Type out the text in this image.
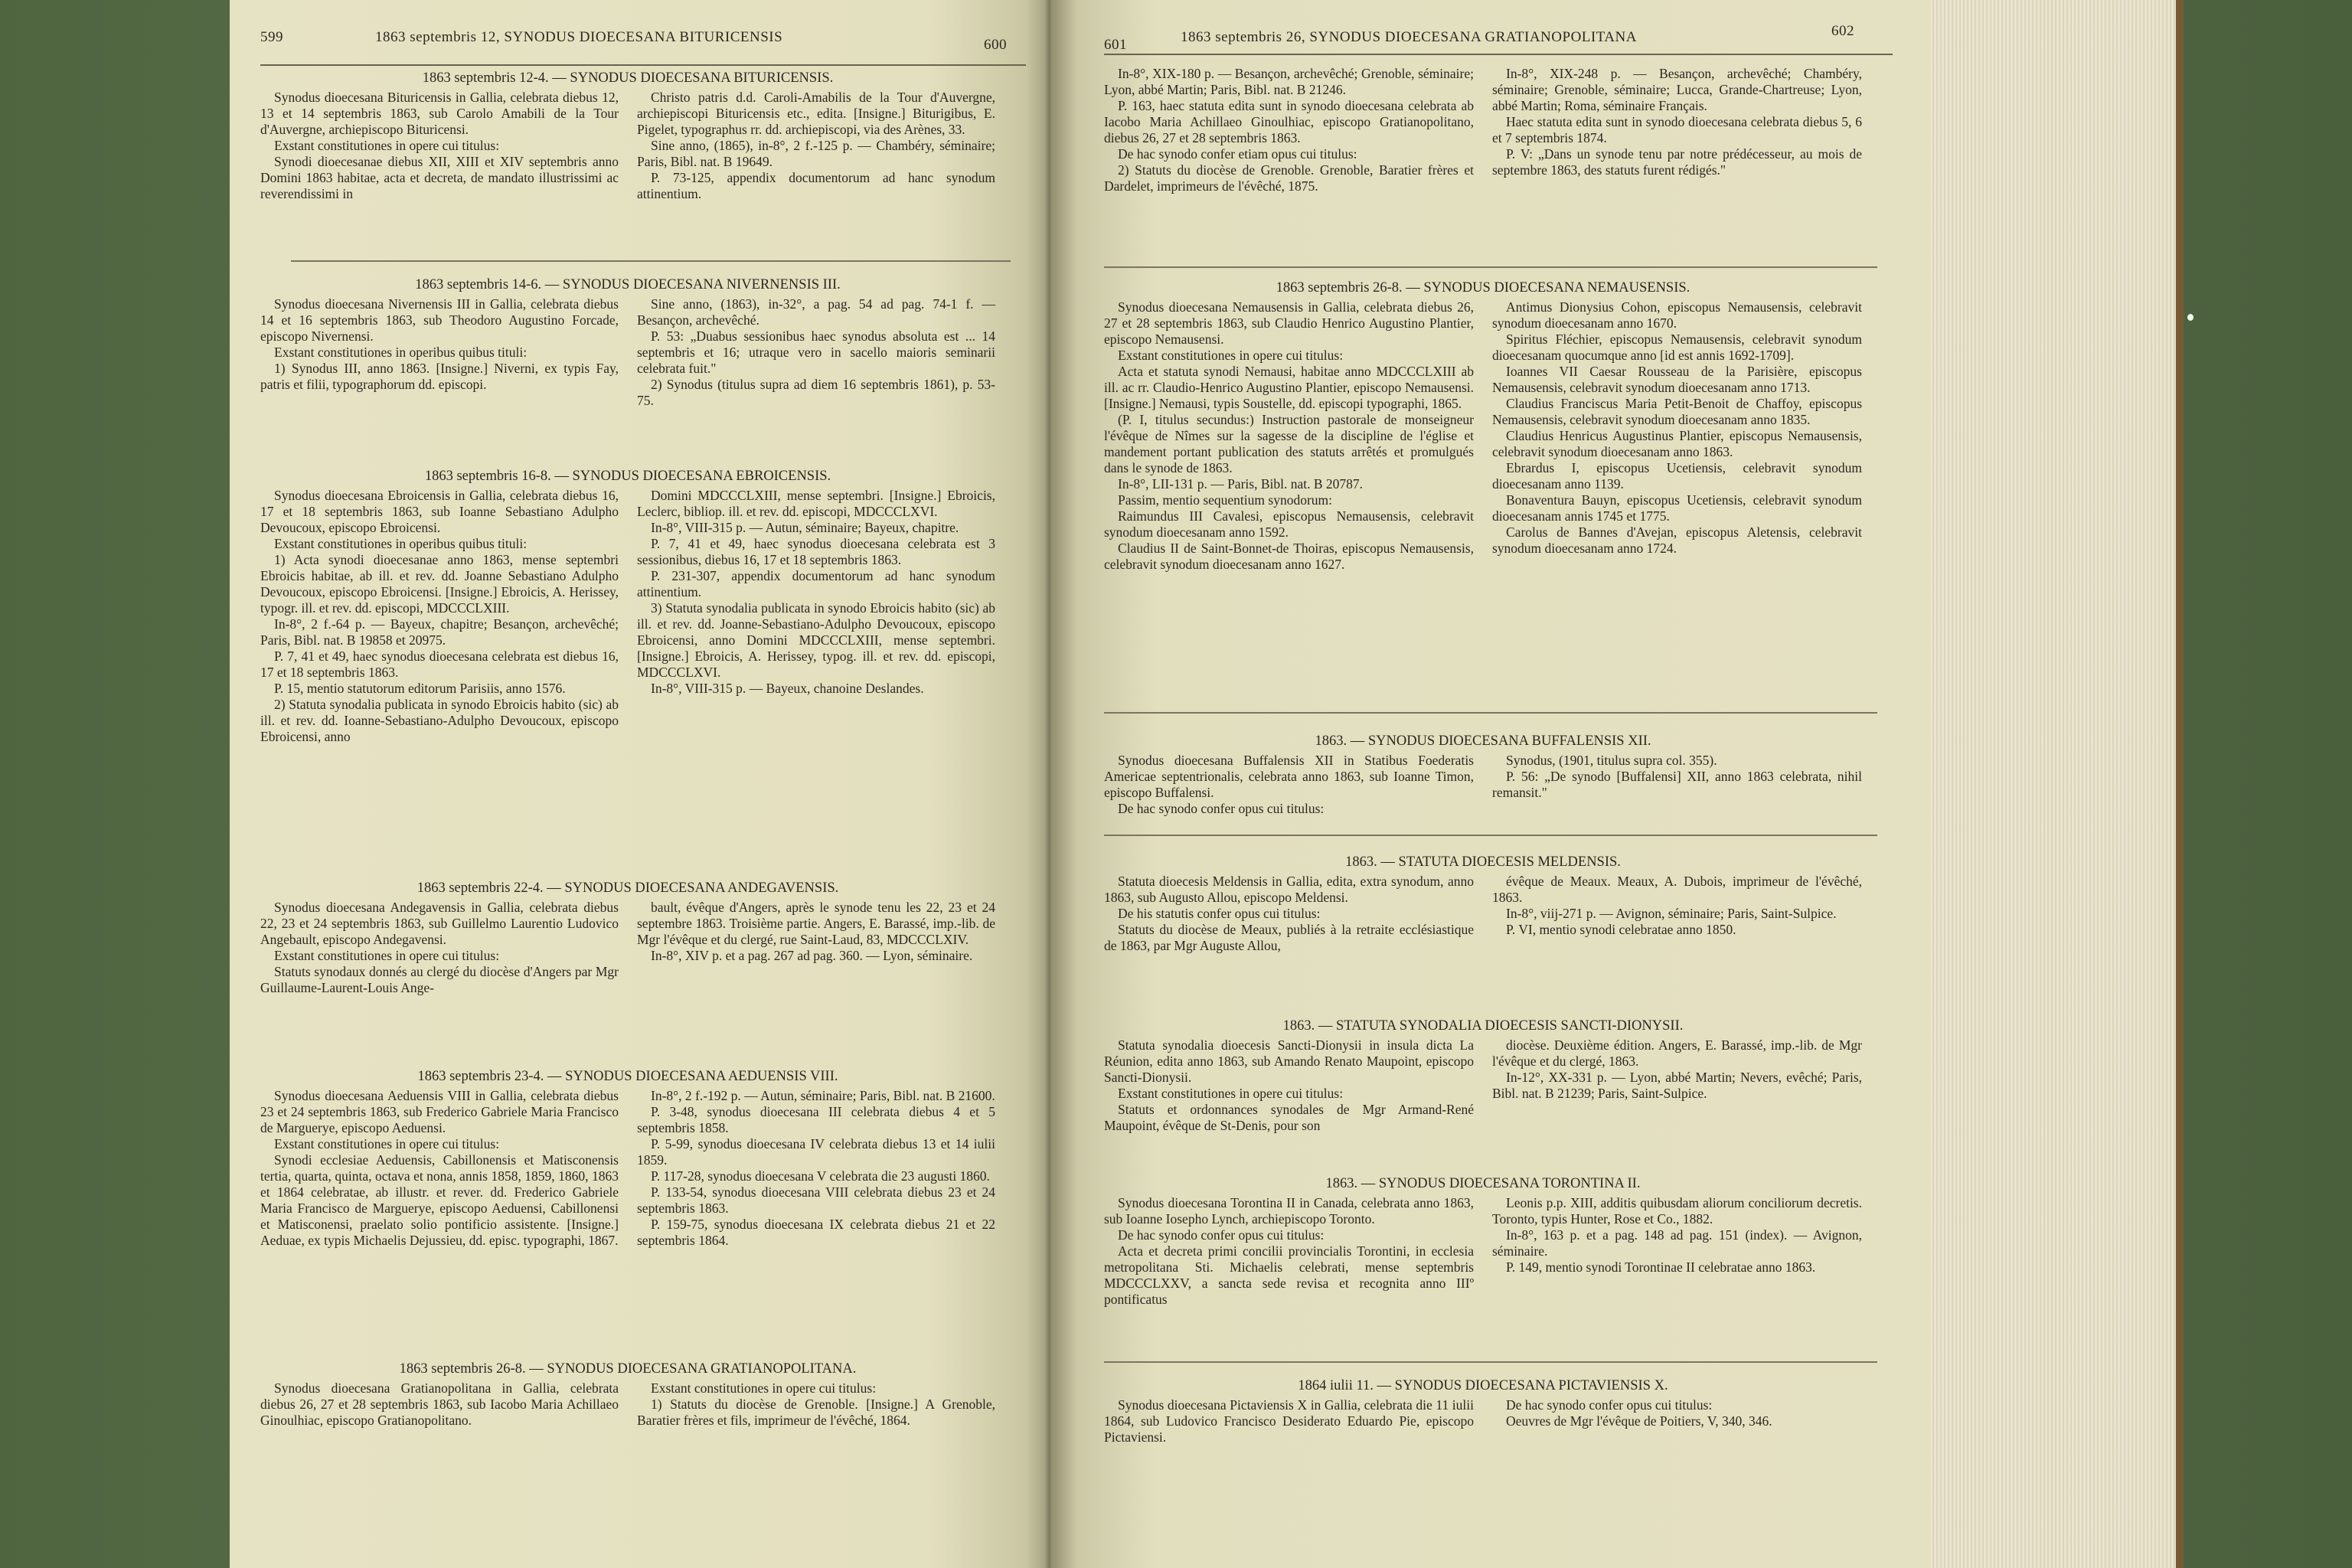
599	1863 septembris 12, SYNODUS DIOECESANA BITURICENSIS	600
1863 septembris 12-4. — SYNODUS DIOECESANA BITURICENSIS.

Synodus dioecesana Bituricensis in Gallia, celebrata diebus 12, 13 et 14 septembris 1863, sub Carolo Amabili de la Tour d'Auvergne, archiepiscopo Bituricensi.

Exstant constitutiones in opere cui titulus:

Synodi dioecesanae diebus XII, XIII et XIV septembris anno Domini 1863 habitae, acta et decreta, de mandato illustrissimi ac reverendissimi in

Christo patris d.d. Caroli-Amabilis de la Tour d'Auvergne, archiepiscopi Bituricensis etc., edita. [Insigne.] Biturigibus, E. Pigelet, typographus rr. dd. archiepiscopi, via des Arènes, 33.

Sine anno, (1865), in-8°, 2 f.-125 p. — Chambéry, séminaire; Paris, Bibl. nat. B 19649.

P. 73-125, appendix documentorum ad hanc synodum attinentium.

1863 septembris 14-6. — SYNODUS DIOECESANA NIVERNENSIS III.

Synodus dioecesana Nivernensis III in Gallia, celebrata diebus 14 et 16 septembris 1863, sub Theodoro Augustino Forcade, episcopo Nivernensi.

Exstant constitutiones in operibus quibus tituli:

1) Synodus III, anno 1863. [Insigne.] Niverni, ex typis Fay, patris et filii, typographorum dd. episcopi.

Sine anno, (1863), in-32°, a pag. 54 ad pag. 74-1 f. — Besançon, archevêché.

P. 53: „Duabus sessionibus haec synodus absoluta est ... 14 septembris et 16; utraque vero in sacello maioris seminarii celebrata fuit."

2) Synodus (titulus supra ad diem 16 septembris 1861), p. 53-75.

1863 septembris 16-8. — SYNODUS DIOECESANA EBROICENSIS.

Synodus dioecesana Ebroicensis in Gallia, celebrata diebus 16, 17 et 18 septembris 1863, sub Ioanne Sebastiano Adulpho Devoucoux, episcopo Ebroicensi.

Exstant constitutiones in operibus quibus tituli:

1) Acta synodi dioecesanae anno 1863, mense septembri Ebroicis habitae, ab ill. et rev. dd. Joanne Sebastiano Adulpho Devoucoux, episcopo Ebroicensi. [Insigne.] Ebroicis, A. Herissey, typogr. ill. et rev. dd. episcopi, MDCCCLXIII.

In-8°, 2 f.-64 p. — Bayeux, chapitre; Besançon, archevêché; Paris, Bibl. nat. B 19858 et 20975.

P. 7, 41 et 49, haec synodus dioecesana celebrata est diebus 16, 17 et 18 septembris 1863.

P. 15, mentio statutorum editorum Parisiis, anno 1576.

2) Statuta synodalia publicata in synodo Ebroicis habito (sic) ab ill. et rev. dd. Ioanne-Sebastiano-Adulpho Devoucoux, episcopo Ebroicensi, anno

Domini MDCCCLXIII, mense septembri. [Insigne.] Ebroicis, Leclerc, bibliop. ill. et rev. dd. episcopi, MDCCCLXVI.

In-8°, VIII-315 p. — Autun, séminaire; Bayeux, chapitre.

P. 7, 41 et 49, haec synodus dioecesana celebrata est 3 sessionibus, diebus 16, 17 et 18 septembris 1863.

P. 231-307, appendix documentorum ad hanc synodum attinentium.

3) Statuta synodalia publicata in synodo Ebroicis habito (sic) ab ill. et rev. dd. Joanne-Sebastiano-Adulpho Devoucoux, episcopo Ebroicensi, anno Domini MDCCCLXIII, mense septembri. [Insigne.] Ebroicis, A. Herissey, typog. ill. et rev. dd. episcopi, MDCCCLXVI.

In-8°, VIII-315 p. — Bayeux, chanoine Deslandes.

1863 septembris 22-4. — SYNODUS DIOECESANA ANDEGAVENSIS.

Synodus dioecesana Andegavensis in Gallia, celebrata diebus 22, 23 et 24 septembris 1863, sub Guillelmo Laurentio Ludovico Angebault, episcopo Andegavensi.

Exstant constitutiones in opere cui titulus:

Statuts synodaux donnés au clergé du diocèse d'Angers par Mgr Guillaume-Laurent-Louis Ange-

bault, évêque d'Angers, après le synode tenu les 22, 23 et 24 septembre 1863. Troisième partie. Angers, E. Barassé, imp.-lib. de Mgr l'évêque et du clergé, rue Saint-Laud, 83, MDCCCLXIV.

In-8°, XIV p. et a pag. 267 ad pag. 360. — Lyon, séminaire.

1863 septembris 23-4. — SYNODUS DIOECESANA AEDUENSIS VIII.

Synodus dioecesana Aeduensis VIII in Gallia, celebrata diebus 23 et 24 septembris 1863, sub Frederico Gabriele Maria Francisco de Marguerye, episcopo Aeduensi.

Exstant constitutiones in opere cui titulus:

Synodi ecclesiae Aeduensis, Cabillonensis et Matisconensis tertia, quarta, quinta, octava et nona, annis 1858, 1859, 1860, 1863 et 1864 celebratae, ab illustr. et rever. dd. Frederico Gabriele Maria Francisco de Marguerye, episcopo Aeduensi, Cabillonensi et Matisconensi, praelato solio pontificio assistente. [Insigne.] Aeduae, ex typis Michaelis Dejussieu, dd. episc. typographi, 1867.

In-8°, 2 f.-192 p. — Autun, séminaire; Paris, Bibl. nat. B 21600.

P. 3-48, synodus dioecesana III celebrata diebus 4 et 5 septembris 1858.

P. 5-99, synodus dioecesana IV celebrata diebus 13 et 14 iulii 1859.

P. 117-28, synodus dioecesana V celebrata die 23 augusti 1860.

P. 133-54, synodus dioecesana VIII celebrata diebus 23 et 24 septembris 1863.

P. 159-75, synodus dioecesana IX celebrata diebus 21 et 22 septembris 1864.

1863 septembris 26-8. — SYNODUS DIOECESANA GRATIANOPOLITANA.

Synodus dioecesana Gratianopolitana in Gallia, celebrata diebus 26, 27 et 28 septembris 1863, sub Iacobo Maria Achillaeo Ginoulhiac, episcopo Gratianopolitano.

Exstant constitutiones in opere cui titulus:

1) Statuts du diocèse de Grenoble. [Insigne.] A Grenoble, Baratier frères et fils, imprimeur de l'évêché, 1864.

601	1863 septembris 26, SYNODUS DIOECESANA GRATIANOPOLITANA	602

In-8°, XIX-180 p. — Besançon, archevêché; Grenoble, séminaire; Lyon, abbé Martin; Paris, Bibl. nat. B 21246.

P. 163, haec statuta edita sunt in synodo dioecesana celebrata ab Iacobo Maria Achillaeo Ginoulhiac, episcopo Gratianopolitano, diebus 26, 27 et 28 septembris 1863.

De hac synodo confer etiam opus cui titulus:

2) Statuts du diocèse de Grenoble. Grenoble, Baratier frères et Dardelet, imprimeurs de l'évêché, 1875.

In-8°, XIX-248 p. — Besançon, archevêché; Chambéry, séminaire; Grenoble, séminaire; Lucca, Grande-Chartreuse; Lyon, abbé Martin; Roma, séminaire Français.

Haec statuta edita sunt in synodo dioecesana celebrata diebus 5, 6 et 7 septembris 1874.

P. V: „Dans un synode tenu par notre prédécesseur, au mois de septembre 1863, des statuts furent rédigés."

1863 septembris 26-8. — SYNODUS DIOECESANA NEMAUSENSIS.

Synodus dioecesana Nemausensis in Gallia, celebrata diebus 26, 27 et 28 septembris 1863, sub Claudio Henrico Augustino Plantier, episcopo Nemausensi.

Exstant constitutiones in opere cui titulus:

Acta et statuta synodi Nemausi, habitae anno MDCCCLXIII ab ill. ac rr. Claudio-Henrico Augustino Plantier, episcopo Nemausensi. [Insigne.] Nemausi, typis Soustelle, dd. episcopi typographi, 1865.

(P. I, titulus secundus:) Instruction pastorale de monseigneur l'évêque de Nîmes sur la sagesse de la discipline de l'église et mandement portant publication des statuts arrêtés et promulgués dans le synode de 1863.

In-8°, LII-131 p. — Paris, Bibl. nat. B 20787.

Passim, mentio sequentium synodorum:

Raimundus III Cavalesi, episcopus Nemausensis, celebravit synodum dioecesanam anno 1592.

Claudius II de Saint-Bonnet-de Thoiras, episcopus Nemausensis, celebravit synodum dioecesanam anno 1627.

Antimus Dionysius Cohon, episcopus Nemausensis, celebravit synodum dioecesanam anno 1670.

Spiritus Fléchier, episcopus Nemausensis, celebravit synodum dioecesanam quocumque anno [id est annis 1692-1709].

Ioannes VII Caesar Rousseau de la Parisière, episcopus Nemausensis, celebravit synodum dioecesanam anno 1713.

Claudius Franciscus Maria Petit-Benoit de Chaffoy, episcopus Nemausensis, celebravit synodum dioecesanam anno 1835.

Claudius Henricus Augustinus Plantier, episcopus Nemausensis, celebravit synodum dioecesanam anno 1863.

Ebrardus I, episcopus Ucetiensis, celebravit synodum dioecesanam anno 1139.

Bonaventura Bauyn, episcopus Ucetiensis, celebravit synodum dioecesanam annis 1745 et 1775.

Carolus de Bannes d'Avejan, episcopus Aletensis, celebravit synodum dioecesanam anno 1724.

1863. — SYNODUS DIOECESANA BUFFALENSIS XII.

Synodus dioecesana Buffalensis XII in Statibus Foederatis Americae septentrionalis, celebrata anno 1863, sub Ioanne Timon, episcopo Buffalensi.

De hac synodo confer opus cui titulus:

Synodus, (1901, titulus supra col. 355).

P. 56: „De synodo [Buffalensi] XII, anno 1863 celebrata, nihil remansit."

1863. — STATUTA DIOECESIS MELDENSIS.

Statuta dioecesis Meldensis in Gallia, edita, extra synodum, anno 1863, sub Augusto Allou, episcopo Meldensi.

De his statutis confer opus cui titulus:

Statuts du diocèse de Meaux, publiés à la retraite ecclésiastique de 1863, par Mgr Auguste Allou,

évêque de Meaux. Meaux, A. Dubois, imprimeur de l'évêché, 1863.

In-8°, viij-271 p. — Avignon, séminaire; Paris, Saint-Sulpice.

P. VI, mentio synodi celebratae anno 1850.

1863. — STATUTA SYNODALIA DIOECESIS SANCTI-DIONYSII.

Statuta synodalia dioecesis Sancti-Dionysii in insula dicta La Réunion, edita anno 1863, sub Amando Renato Maupoint, episcopo Sancti-Dionysii.

Exstant constitutiones in opere cui titulus:

Statuts et ordonnances synodales de Mgr Armand-René Maupoint, évêque de St-Denis, pour son

diocèse. Deuxième édition. Angers, E. Barassé, imp.-lib. de Mgr l'évêque et du clergé, 1863.

In-12°, XX-331 p. — Lyon, abbé Martin; Nevers, evêché; Paris, Bibl. nat. B 21239; Paris, Saint-Sulpice.

1863. — SYNODUS DIOECESANA TORONTINA II.

Synodus dioecesana Torontina II in Canada, celebrata anno 1863, sub Ioanne Iosepho Lynch, archiepiscopo Toronto.

De hac synodo confer opus cui titulus:

Acta et decreta primi concilii provincialis Torontini, in ecclesia metropolitana Sti. Michaelis celebrati, mense septembris MDCCCLXXV, a sancta sede revisa et recognita anno IIIº pontificatus

Leonis p.p. XIII, additis quibusdam aliorum conciliorum decretis. Toronto, typis Hunter, Rose et Co., 1882.

In-8°, 163 p. et a pag. 148 ad pag. 151 (index). — Avignon, séminaire.

P. 149, mentio synodi Torontinae II celebratae anno 1863.

1864 iulii 11. — SYNODUS DIOECESANA PICTAVIENSIS X.

Synodus dioecesana Pictaviensis X in Gallia, celebrata die 11 iulii 1864, sub Ludovico Francisco Desiderato Eduardo Pie, episcopo Pictaviensi.

De hac synodo confer opus cui titulus:

Oeuvres de Mgr l'évêque de Poitiers, V, 340, 346.
